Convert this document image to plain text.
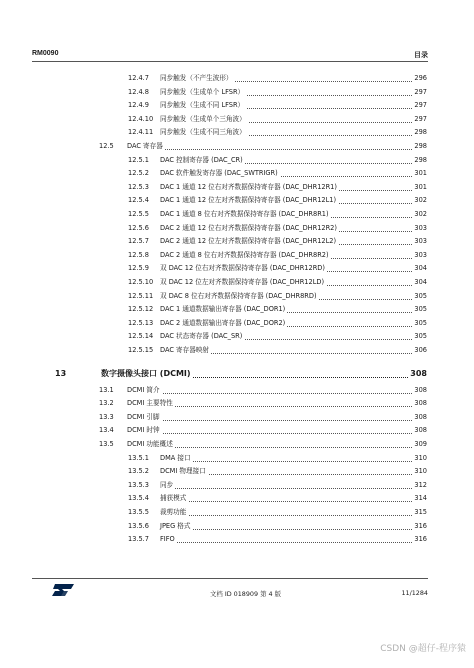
RM0090	目录
12.4.7 同步触发（不产生波形）	296
12.4.8 同步触发（生成单个 LFSR）	297
12.4.9 同步触发（生成不同 LFSR）	297
12.4.10 同步触发（生成单个三角波）	297
12.4.11 同步触发（生成不同三角波）	298
12.5 DAC 寄存器	298
12.5.1 DAC 控制寄存器 (DAC_CR)	298
12.5.2 DAC 软件触发寄存器 (DAC_SWTRIGR)	301
12.5.3 DAC 1 通道 12 位右对齐数据保持寄存器 (DAC_DHR12R1)	301
12.5.4 DAC 1 通道 12 位左对齐数据保持寄存器 (DAC_DHR12L1)	302
12.5.5 DAC 1 通道 8 位右对齐数据保持寄存器 (DAC_DHR8R1)	302
12.5.6 DAC 2 通道 12 位右对齐数据保持寄存器 (DAC_DHR12R2)	303
12.5.7 DAC 2 通道 12 位左对齐数据保持寄存器 (DAC_DHR12L2)	303
12.5.8 DAC 2 通道 8 位右对齐数据保持寄存器 (DAC_DHR8R2)	303
12.5.9 双 DAC 12 位右对齐数据保持寄存器 (DAC_DHR12RD)	304
12.5.10 双 DAC 12 位左对齐数据保持寄存器 (DAC_DHR12LD)	304
12.5.11 双 DAC 8 位右对齐数据保持寄存器 (DAC_DHR8RD)	305
12.5.12 DAC 1 通道数据输出寄存器 (DAC_DOR1)	305
12.5.13 DAC 2 通道数据输出寄存器 (DAC_DOR2)	305
12.5.14 DAC 状态寄存器 (DAC_SR)	305
12.5.15 DAC 寄存器映射	306
13	数字摄像头接口 (DCMI)	308
13.1 DCMI 简介	308
13.2 DCMI 主要特性	308
13.3 DCMI 引脚	308
13.4 DCMI 时钟	308
13.5 DCMI 功能概述	309
13.5.1 DMA 接口	310
13.5.2 DCMI 物理接口	310
13.5.3 同步	312
13.5.4 捕获模式	314
13.5.5 裁剪功能	315
13.5.6 JPEG 格式	316
13.5.7 FIFO	316
文档 ID 018909 第 4 版	11/1284
CSDN @超仔-程序猿
